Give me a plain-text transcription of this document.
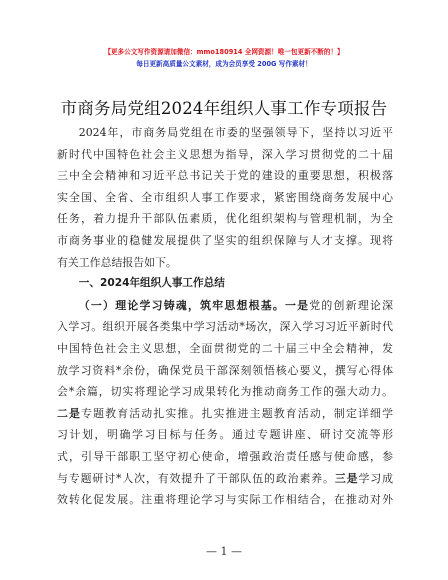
【更多公文写作资源请加微信：mmo180914 全网资源！唯一包更新不断的！】
每日更新高质量公文素材，成为会员享受 200G 写作素材！
市商务局党组2024年组织人事工作专项报告

2024年，市商务局党组在市委的坚强领导下，坚持以习近平

新时代中国特色社会主义思想为指导，深入学习贯彻党的二十届

三中全会精神和习近平总书记关于党的建设的重要思想，积极落

实全国、全省、全市组织人事工作要求，紧密围绕商务发展中心

任务，着力提升干部队伍素质，优化组织架构与管理机制，为全

市商务事业的稳健发展提供了坚实的组织保障与人才支撑。现将

有关工作总结报告如下。

一、2024年组织人事工作总结

（一）理论学习铸魂，筑牢思想根基。一是党的创新理论深

入学习。组织开展各类集中学习活动*场次，深入学习习近平新时代

中国特色社会主义思想，全面贯彻党的二十届三中全会精神，发

放学习资料*余份，确保党员干部深刻领悟核心要义，撰写心得体

会*余篇，切实将理论学习成果转化为推动商务工作的强大动力。

二是专题教育活动扎实推。扎实推进主题教育活动，制定详细学

习计划，明确学习目标与任务。通过专题讲座、研讨交流等形

式，引导干部职工坚守初心使命，增强政治责任感与使命感，参

与专题研讨*人次，有效提升了干部队伍的政治素养。三是学习成

效转化促发展。注重将理论学习与实际工作相结合，在推动对外

— 1 —
